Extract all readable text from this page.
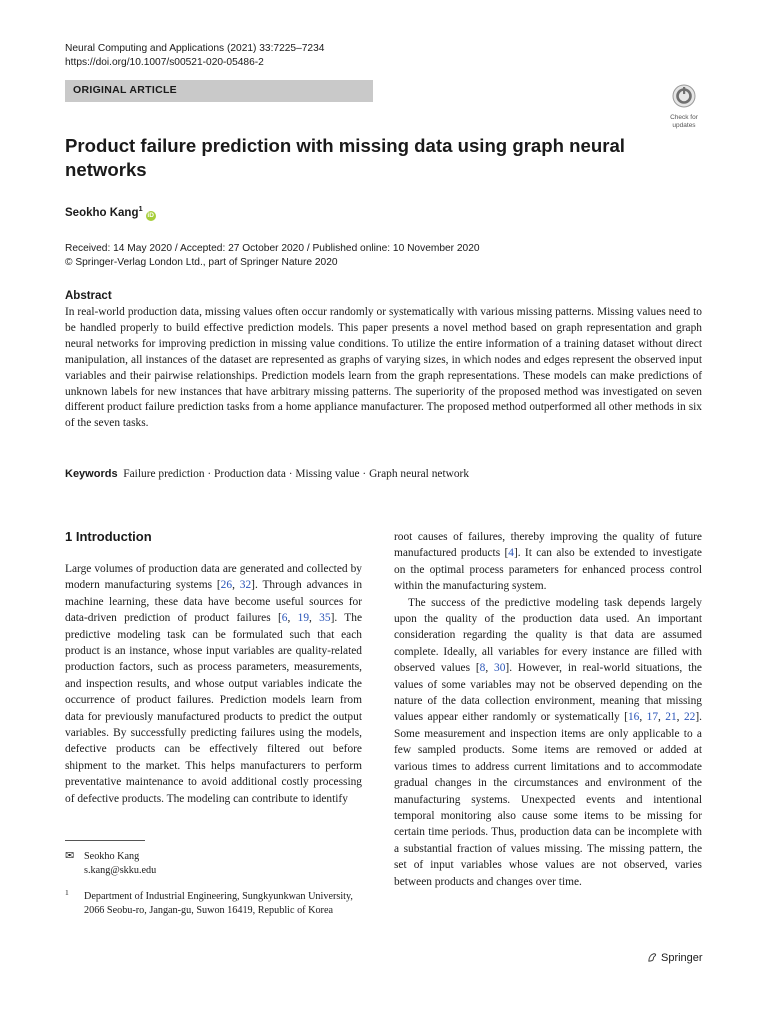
Neural Computing and Applications (2021) 33:7225–7234
https://doi.org/10.1007/s00521-020-05486-2
ORIGINAL ARTICLE
Check for
updates
Product failure prediction with missing data using graph neural networks
Seokho Kang$^1$iD
Received: 14 May 2020 / Accepted: 27 October 2020 / Published online: 10 November 2020
© Springer-Verlag London Ltd., part of Springer Nature 2020
Abstract
In real-world production data, missing values often occur randomly or systematically with various missing patterns. Missing values need to be handled properly to build effective prediction models. This paper presents a novel method based on graph representation and graph neural networks for improving prediction in missing value conditions. To utilize the entire information of a training dataset without direct manipulation, all instances of the dataset are represented as graphs of varying sizes, in which nodes and edges represent the observed input variables and their pairwise relationships. Prediction models learn from the graph representations. These models can make predictions of unknown labels for new instances that have arbitrary missing patterns. The superiority of the proposed method was investigated on seven different product failure prediction tasks from a home appliance manufacturer. The proposed method outperformed all other methods in six of the seven tasks.
Keywords Failure prediction · Production data · Missing value · Graph neural network
1 Introduction

Large volumes of production data are generated and collected by modern manufacturing systems [26, 32]. Through advances in machine learning, these data have become useful sources for data-driven prediction of product failures [6, 19, 35]. The predictive modeling task can be formulated such that each product is an instance, whose input variables are quality-related production factors, such as process parameters, measurements, and inspection results, and whose output variables indicate the occurrence of product failures. Prediction models learn from data for previously manufactured products to predict the output variables. By successfully predicting failures using the models, defective products can be effectively filtered out before shipment to the market. This helps manufacturers to perform preventative maintenance to avoid additional costly processing of defective products. The modeling can contribute to identify

root causes of failures, thereby improving the quality of future manufactured products [4]. It can also be extended to investigate on the optimal process parameters for enhanced process control within the manufacturing system.

The success of the predictive modeling task depends largely upon the quality of the production data used. An important consideration regarding the quality is that data are assumed complete. Ideally, all variables for every instance are filled with observed values [8, 30]. However, in real-world situations, the values of some variables may not be observed depending on the nature of the data collection environment, meaning that missing values appear either randomly or systematically [16, 17, 21, 22]. Some measurement and inspection items are only applicable to a few sampled products. Some items are removed or added at various times to address current limitations and to accommodate gradual changes in the circumstances and environment of the manufacturing systems. Unexpected events and intentional temporal monitoring also cause some items to be missing for certain time periods. Thus, production data can be incomplete with a substantial fraction of values missing. The missing pattern, the set of input variables whose values are not observed, varies between products and changes over time.

✉ Seokho Kang
s.kang@skku.edu
1 Department of Industrial Engineering, Sungkyunkwan University, 2066 Seobu-ro, Jangan-gu, Suwon 16419, Republic of Korea
Springer
